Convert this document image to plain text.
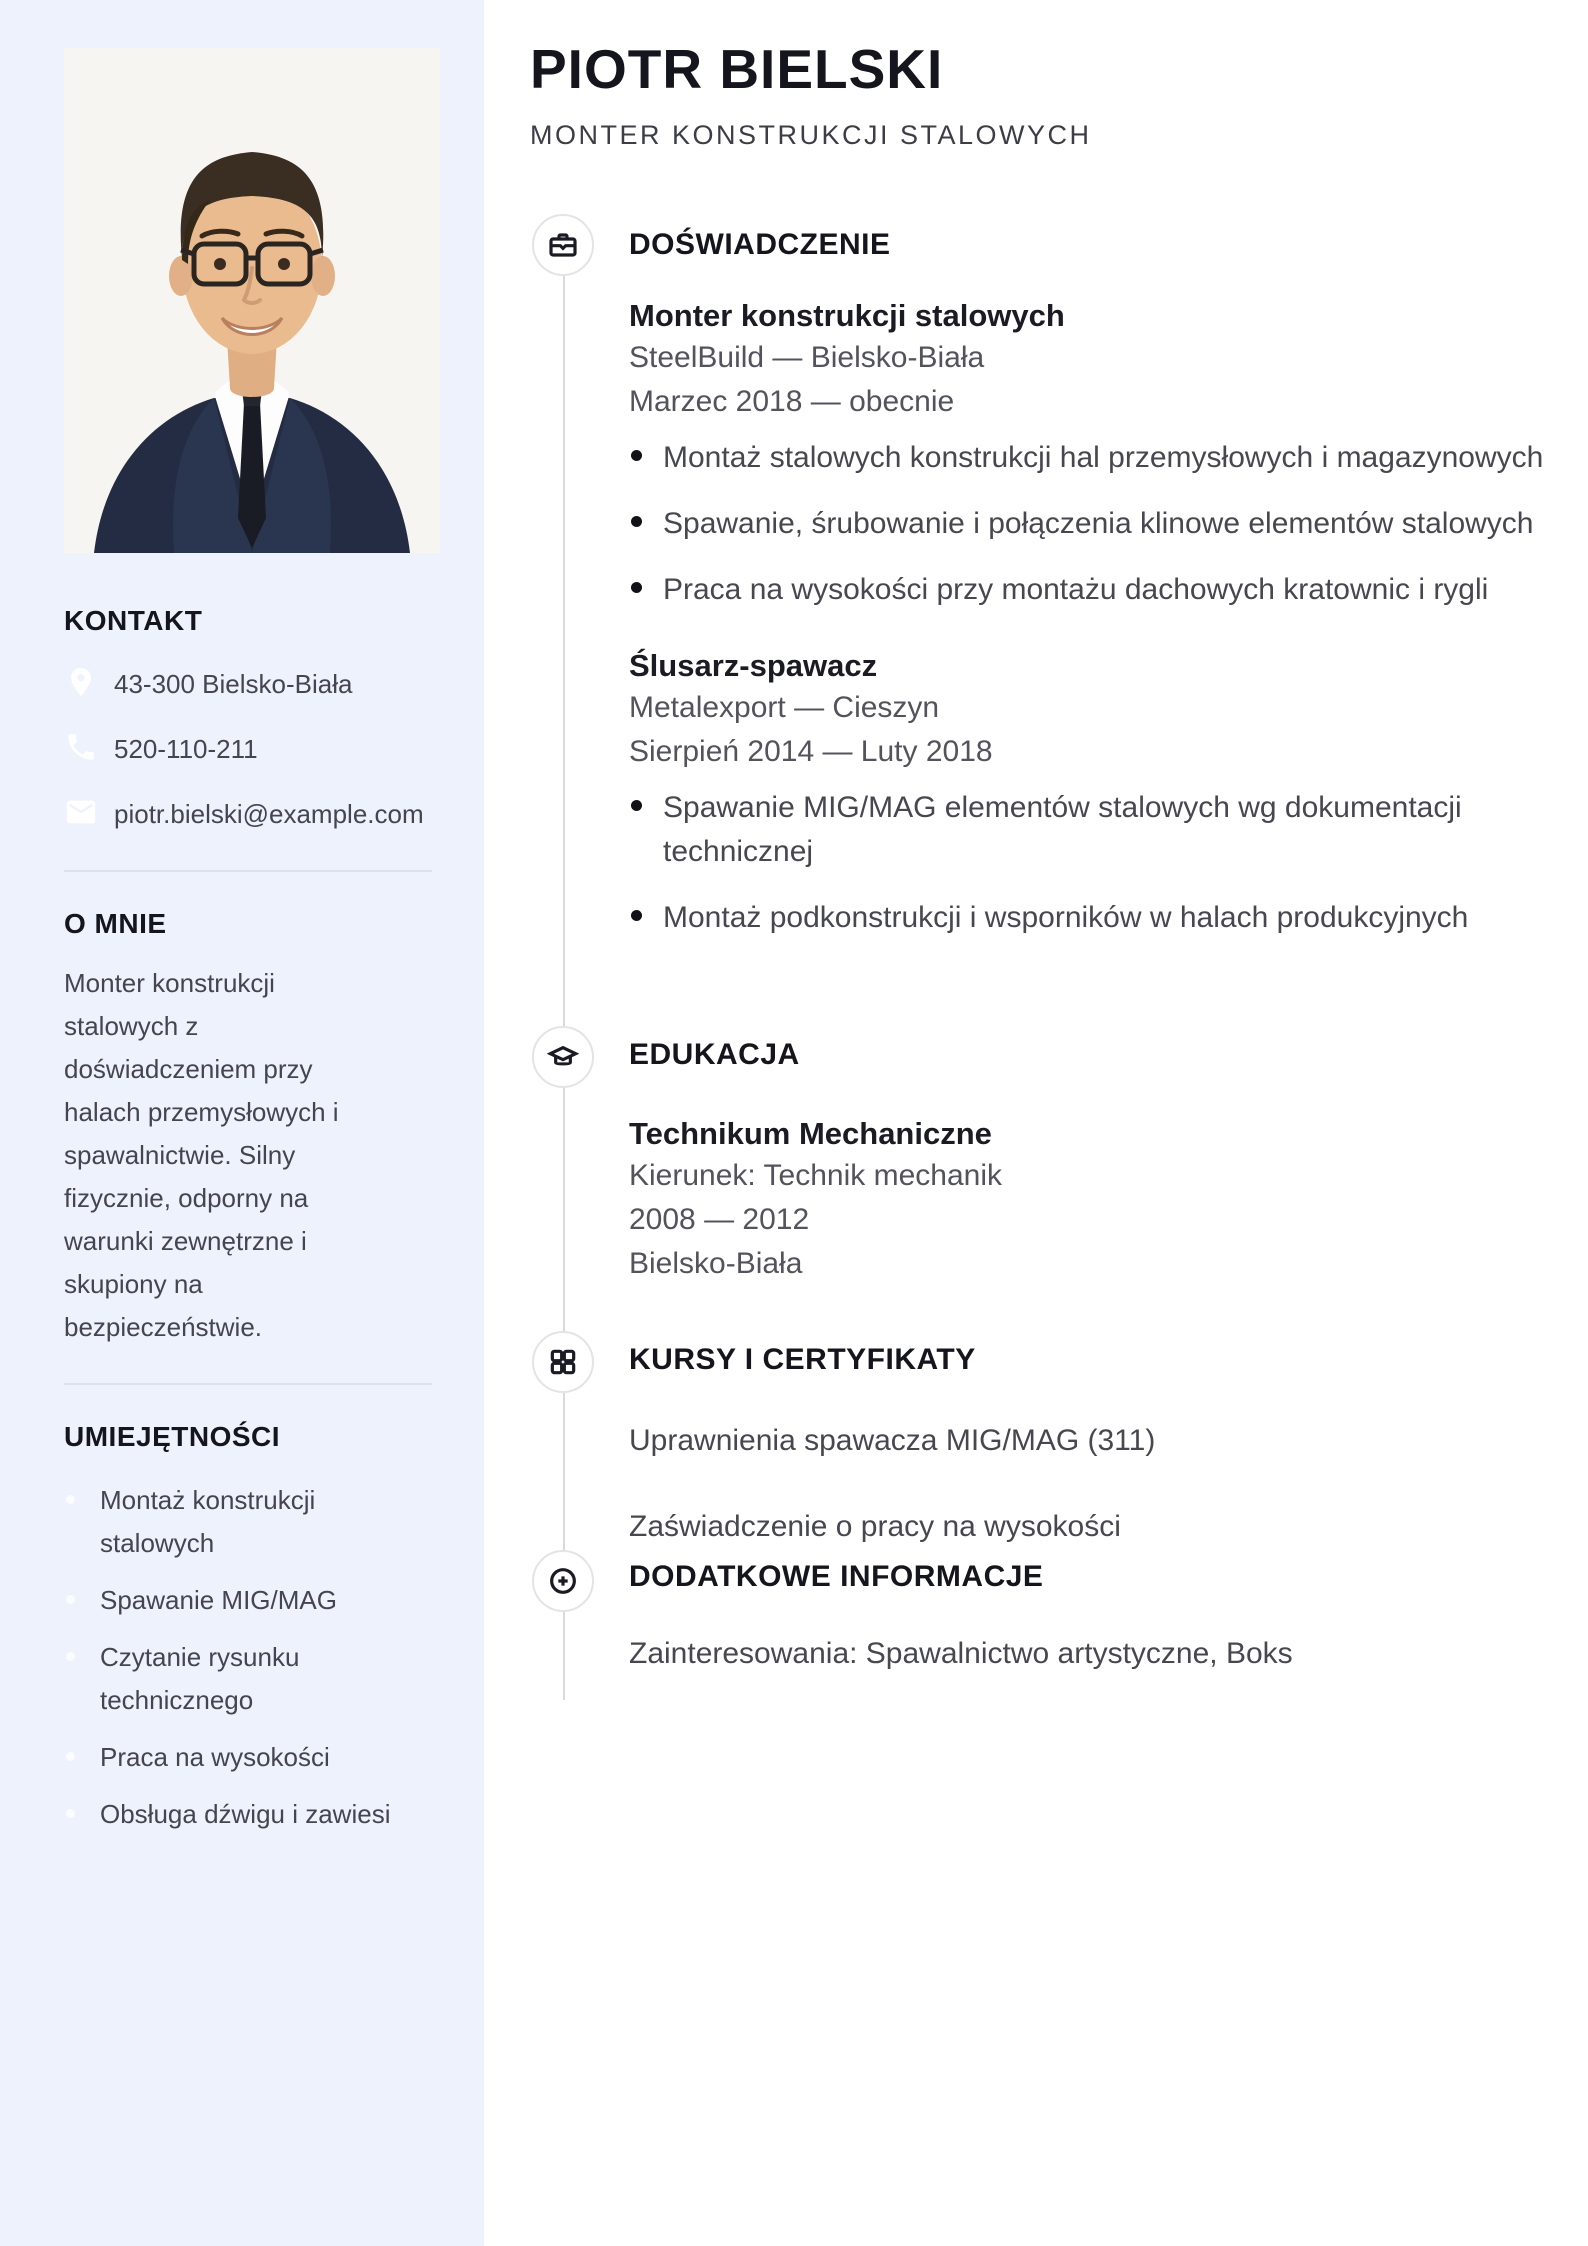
KONTAKT
43-300 Bielsko-Biała
520-110-211
piotr.bielski@example.com
O MNIE

Monter konstrukcji stalowych z doświadczeniem przy halach przemysłowych i spawalnictwie. Silny fizycznie, odporny na warunki zewnętrzne i skupiony na bezpieczeństwie.

UMIEJĘTNOŚCI
Montaż konstrukcji stalowych
Spawanie MIG/MAG
Czytanie rysunku technicznego
Praca na wysokości
Obsługa dźwigu i zawiesi
PIOTR BIELSKI

MONTER KONSTRUKCJI STALOWYCH

DOŚWIADCZENIE
Monter konstrukcji stalowych
SteelBuild — Bielsko-Biała
Marzec 2018 — obecnie
Montaż stalowych konstrukcji hal przemysłowych i magazynowych
Spawanie, śrubowanie i połączenia klinowe elementów stalowych
Praca na wysokości przy montażu dachowych kratownic i rygli
Ślusarz-spawacz
Metalexport — Cieszyn
Sierpień 2014 — Luty 2018
Spawanie MIG/MAG elementów stalowych wg dokumentacji technicznej
Montaż podkonstrukcji i wsporników w halach produkcyjnych
EDUKACJA
Technikum Mechaniczne
Kierunek: Technik mechanik
2008 — 2012
Bielsko-Biała
KURSY I CERTYFIKATY

Uprawnienia spawacza MIG/MAG (311)

Zaświadczenie o pracy na wysokości

DODATKOWE INFORMACJE

Zainteresowania: Spawalnictwo artystyczne, Boks
